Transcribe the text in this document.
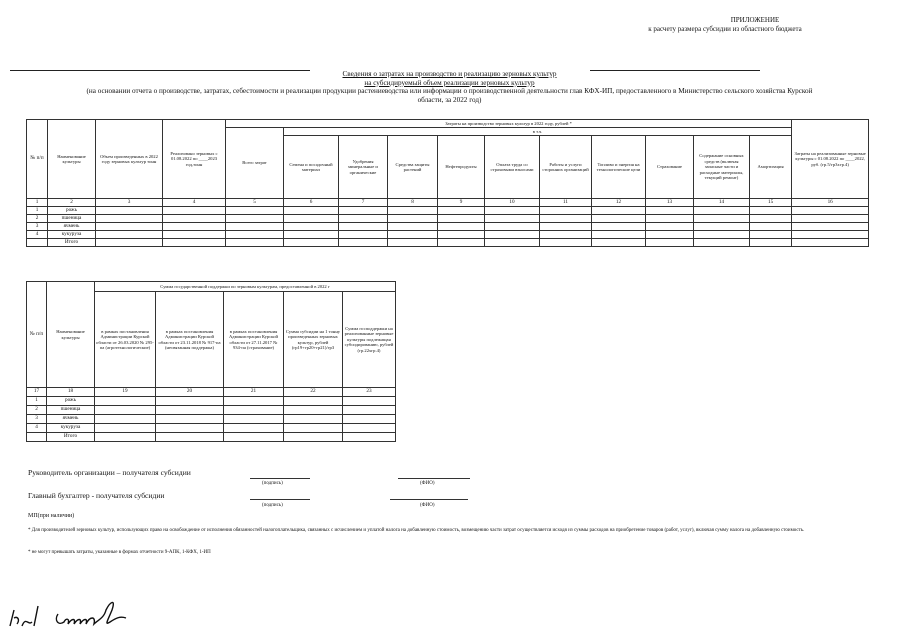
ПРИЛОЖЕНИЕ
к расчету размера субсидии из областного бюджета
Сведения о затратах на производство и реализацию зерновых культур
на субсидируемый объем реализации зерновых культур
(на основании отчета о производстве, затратах, себестоимости и реализации продукции растениеводства или информации о производственной деятельности глав КФХ-ИП, предоставленного в Министерство сельского хозяйства Курской
области, за 2022 год)
№ п/п	Наименование культуры	Объем произведенных в 2022 году зерновых культур тонн	Реализовано зерновых с 01.08.2022 по ____2023 год,тонн	Затраты на производство зерновых культур в 2022 году, рублей *											Затраты на реализованные зерновые культуры с 01.08.2022 по ____2022, руб. (гр.5/гр3хгр.4)
				Всего затрат	в т.ч.										
					Семена и посадочный материал	Удобрения минеральные и органические	Средства защиты растений	Нефтепродукты	Оплата труда со страховыми взносами	Работы и услуги сторонних организаций	Топливо и энергия на технологические цели	Страхование	Содержание основных средств (включая запасные части и расходные материалы, текущий ремонт)	Амортизация	
1	2	3	4	5	6	7	8	9	10	11	12	13	14	15	16
1	рожь														
2	пшеница														
3	ячмень														
4	кукуруза														
	Итого														
№ п/п	Наименование культуры	Сумма государственной поддержки по зерновым культурам, предоставленной в 2022 г				
		в рамках постановления Администрации Курской области от 26.03.2020 № 295-па (агротехнологические)	в рамках постановления Администрации Курской области от 23.11.2018 № 917-па (несвязанная поддержка)	в рамках постановления Администрации Курской области от 27.11.2017 № 934-па (страхование)	Сумма субсидии на 1 тонну произведенных зерновых культур, рублей (гр19+гр20+гр21)/гр3	Сумма господдержки на реализованные зерновые культуры подлежащая субсидированию, рублей (гр.22хгр.4)
17	18	19	20	21	22	23
1	рожь					
2	пшеница					
3	ячмень					
4	кукуруза					
	Итого					
Руководитель организации – получателя субсидии
(подпись)	(ФИО)
Главный бухгалтер - получателя субсидии
(подпись)	(ФИО)
МП(при наличии)
* Для производителей зерновых культур, использующих право на освобождение от исполнения обязанностей налогоплательщика, связанных с исчислением и уплатой налога на добавленную стоимость, возмещению части затрат осуществляется исходя из суммы расходов на приобретение товаров (работ, услуг), включая сумму налога на добавленную стоимость.
* не могут превышать затраты, указанные в формах отчетности 9-АПК, 1-КФХ, 1-ИП
